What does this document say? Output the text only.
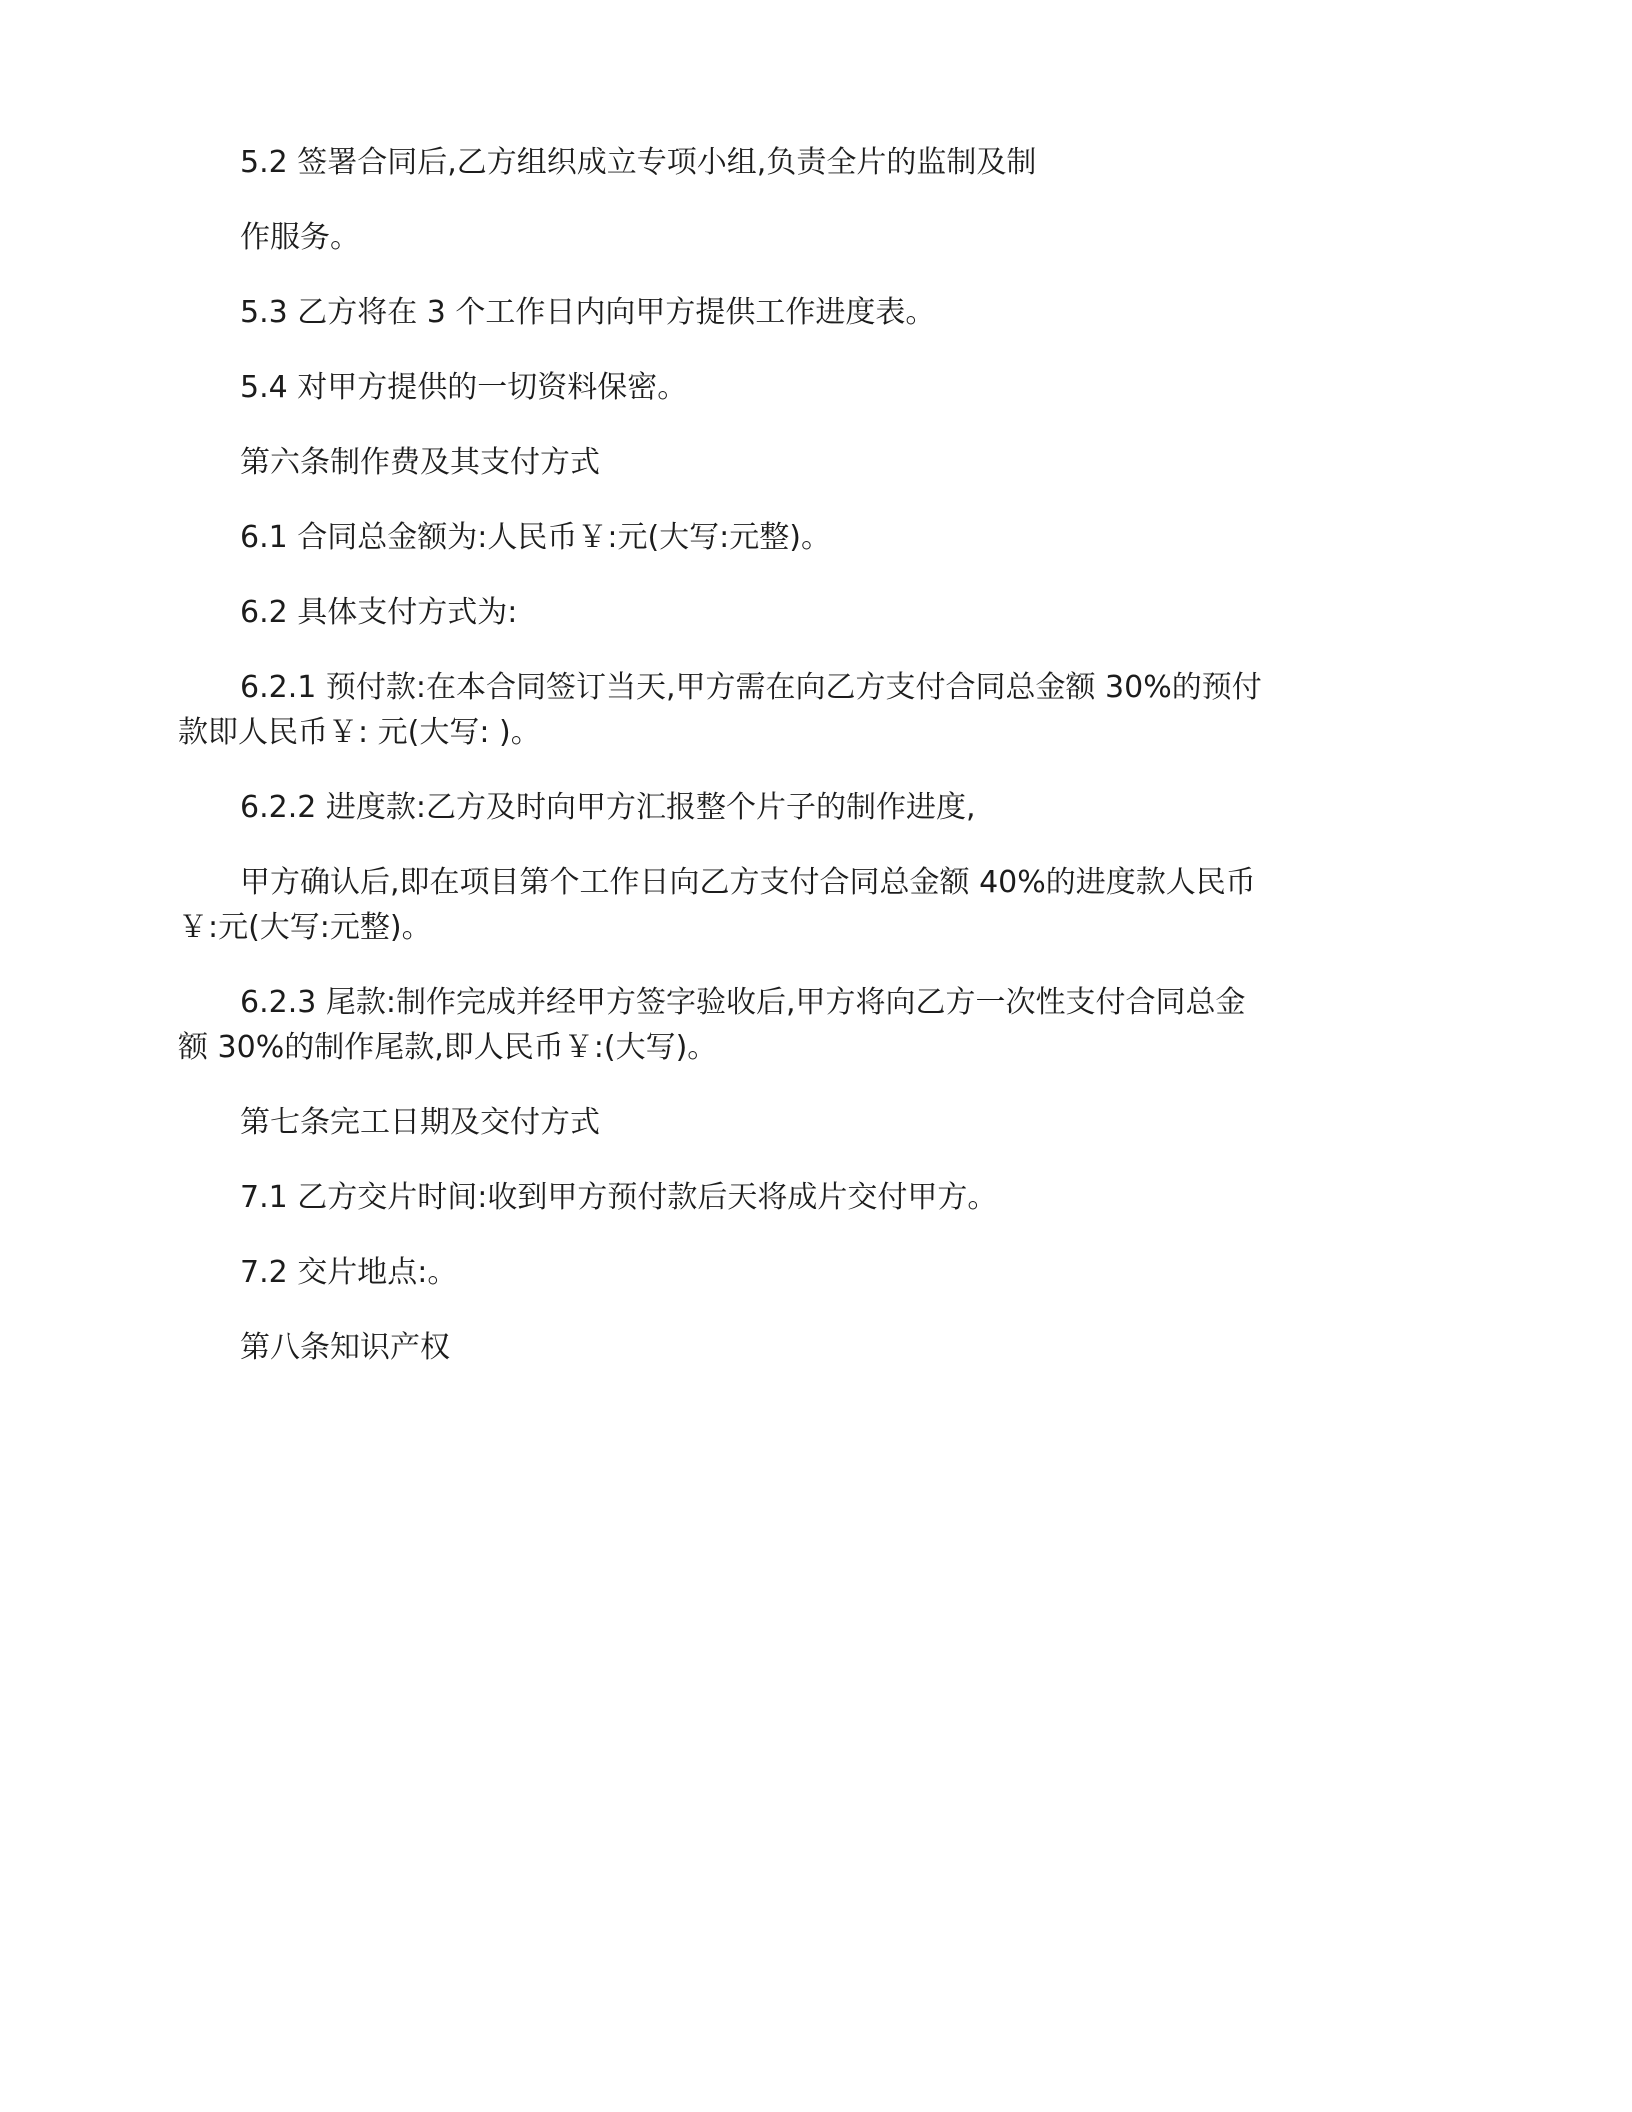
5.2 签署合同后,乙方组织成立专项小组,负责全片的监制及制

作服务。

5.3 乙方将在 3 个工作日内向甲方提供工作进度表。

5.4 对甲方提供的一切资料保密。

第六条制作费及其支付方式

6.1 合同总金额为:人民币￥:元(大写:元整)。

6.2 具体支付方式为:

6.2.1 预付款:在本合同签订当天,甲方需在向乙方支付合同总金额 30%的预付

款即人民币￥: 元(大写: )。

6.2.2 进度款:乙方及时向甲方汇报整个片子的制作进度,

甲方确认后,即在项目第个工作日向乙方支付合同总金额 40%的进度款人民币

￥:元(大写:元整)。

6.2.3 尾款:制作完成并经甲方签字验收后,甲方将向乙方一次性支付合同总金

额 30%的制作尾款,即人民币￥:(大写)。

第七条完工日期及交付方式

7.1 乙方交片时间:收到甲方预付款后天将成片交付甲方。

7.2 交片地点:。

第八条知识产权
